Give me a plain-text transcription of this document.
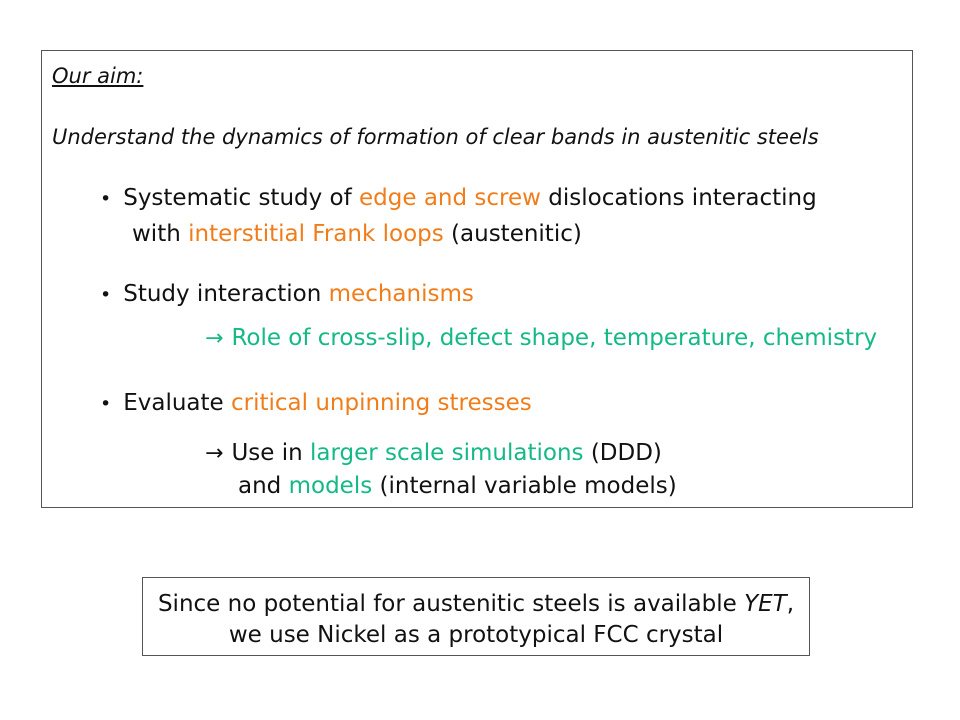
Our aim:
Understand the dynamics of formation of clear bands in austenitic steels
• Systematic study of edge and screw dislocations interacting
with interstitial Frank loops (austenitic)
• Study interaction mechanisms
→ Role of cross-slip, defect shape, temperature, chemistry
• Evaluate critical unpinning stresses
→ Use in larger scale simulations (DDD)
and models (internal variable models)
Since no potential for austenitic steels is available YET,
we use Nickel as a prototypical FCC crystal
